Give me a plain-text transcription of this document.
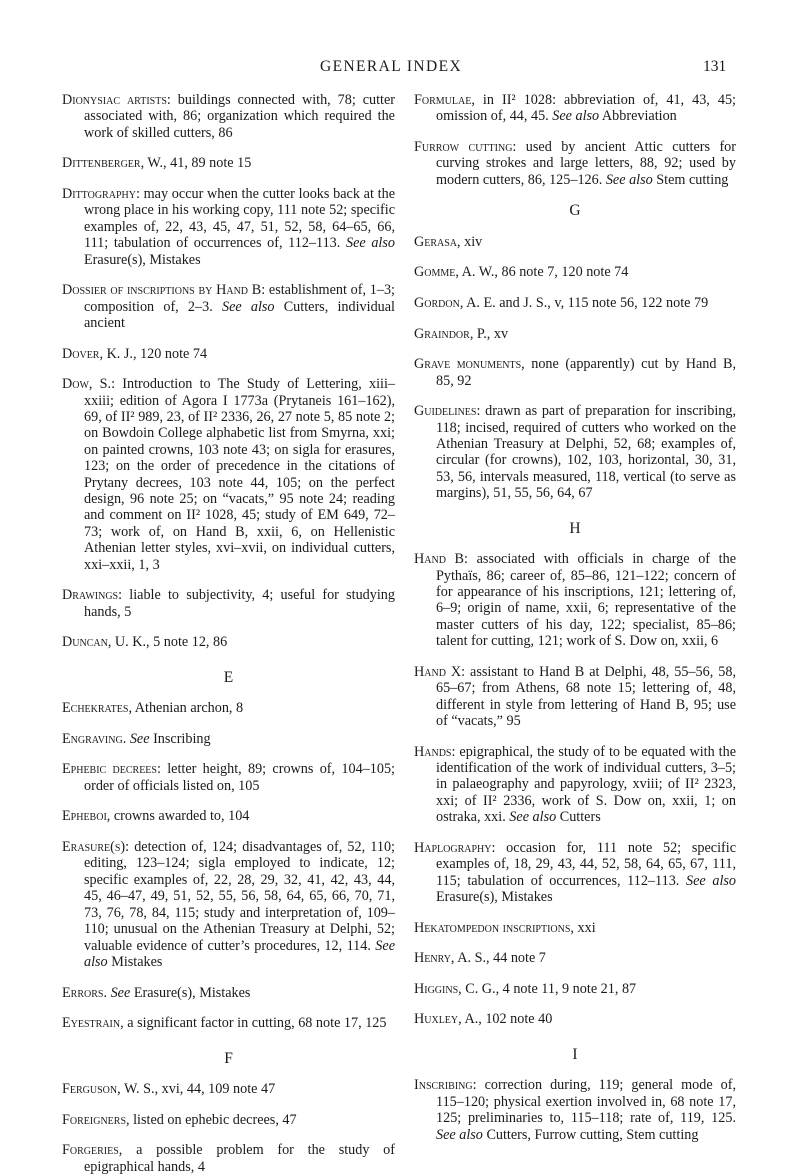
GENERAL INDEX	131

Dionysiac artists: buildings connected with, 78; cutter associated with, 86; organization which required the work of skilled cutters, 86

Dittenberger, W., 41, 89 note 15

Dittography: may occur when the cutter looks back at the wrong place in his working copy, 111 note 52; specific examples of, 22, 43, 45, 47, 51, 52, 58, 64–65, 66, 111; tabulation of occurrences of, 112–113. See also Erasure(s), Mistakes

Dossier of inscriptions by Hand B: establishment of, 1–3; composition of, 2–3. See also Cutters, individual ancient

Dover, K. J., 120 note 74

Dow, S.: Introduction to The Study of Lettering, xiii–xxiii; edition of Agora I 1773a (Prytaneis 161–162), 69, of II² 989, 23, of II² 2336, 26, 27 note 5, 85 note 2; on Bowdoin College alphabetic list from Smyrna, xxi; on painted crowns, 103 note 43; on sigla for erasures, 123; on the order of precedence in the citations of Prytany decrees, 103 note 44, 105; on the perfect design, 96 note 25; on “vacats,” 95 note 24; reading and comment on II² 1028, 45; study of EM 649, 72–73; work of, on Hand B, xxii, 6, on Hellenistic Athenian letter styles, xvi–xvii, on individual cutters, xxi–xxii, 1, 3

Drawings: liable to subjectivity, 4; useful for studying hands, 5

Duncan, U. K., 5 note 12, 86

E

Echekrates, Athenian archon, 8

Engraving. See Inscribing

Ephebic decrees: letter height, 89; crowns of, 104–105; order of officials listed on, 105

Epheboi, crowns awarded to, 104

Erasure(s): detection of, 124; disadvantages of, 52, 110; editing, 123–124; sigla employed to indicate, 12; specific examples of, 22, 28, 29, 32, 41, 42, 43, 44, 45, 46–47, 49, 51, 52, 55, 56, 58, 64, 65, 66, 70, 71, 73, 76, 78, 84, 115; study and interpretation of, 109–110; unusual on the Athenian Treasury at Delphi, 52; valuable evidence of cutter’s procedures, 12, 114. See also Mistakes

Errors. See Erasure(s), Mistakes

Eyestrain, a significant factor in cutting, 68 note 17, 125

F

Ferguson, W. S., xvi, 44, 109 note 47

Foreigners, listed on ephebic decrees, 47

Forgeries, a possible problem for the study of epigraphical hands, 4

Formulae, in II² 1028: abbreviation of, 41, 43, 45; omission of, 44, 45. See also Abbreviation

Furrow cutting: used by ancient Attic cutters for curving strokes and large letters, 88, 92; used by modern cutters, 86, 125–126. See also Stem cutting

G

Gerasa, xiv

Gomme, A. W., 86 note 7, 120 note 74

Gordon, A. E. and J. S., v, 115 note 56, 122 note 79

Graindor, P., xv

Grave monuments, none (apparently) cut by Hand B, 85, 92

Guidelines: drawn as part of preparation for inscribing, 118; incised, required of cutters who worked on the Athenian Treasury at Delphi, 52, 68; examples of, circular (for crowns), 102, 103, horizontal, 30, 31, 53, 56, intervals measured, 118, vertical (to serve as margins), 51, 55, 56, 64, 67

H

Hand B: associated with officials in charge of the Pythaïs, 86; career of, 85–86, 121–122; concern of for appearance of his inscriptions, 121; lettering of, 6–9; origin of name, xxii, 6; representative of the master cutters of his day, 122; specialist, 85–86; talent for cutting, 121; work of S. Dow on, xxii, 6

Hand X: assistant to Hand B at Delphi, 48, 55–56, 58, 65–67; from Athens, 68 note 15; lettering of, 48, different in style from lettering of Hand B, 95; use of “vacats,” 95

Hands: epigraphical, the study of to be equated with the identification of the work of individual cutters, 3–5; in palaeography and papyrology, xviii; of II² 2323, xxi; of II² 2336, work of S. Dow on, xxii, 1; on ostraka, xxi. See also Cutters

Haplography: occasion for, 111 note 52; specific examples of, 18, 29, 43, 44, 52, 58, 64, 65, 67, 111, 115; tabulation of occurrences, 112–113. See also Erasure(s), Mistakes

Hekatompedon inscriptions, xxi

Henry, A. S., 44 note 7

Higgins, C. G., 4 note 11, 9 note 21, 87

Huxley, A., 102 note 40

I

Inscribing: correction during, 119; general mode of, 115–120; physical exertion involved in, 68 note 17, 125; preliminaries to, 115–118; rate of, 119, 125. See also Cutters, Furrow cutting, Stem cutting
